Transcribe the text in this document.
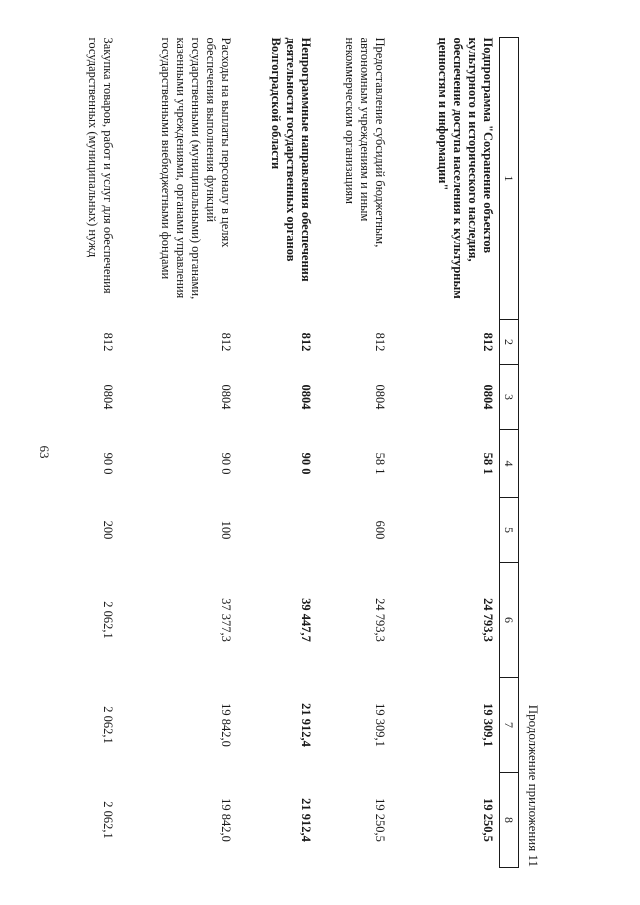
63
Продолжение приложения 11
1	2	3	4	5	6	7	8
Подпрограмма "Сохранение объектов культурного и исторического наследия, обеспечение доступа населения к культурным ценностям и информации"	812	0804	58 1		24 793,3	19 309,1	19 250,5
Предоставление субсидий бюджетным, автономным учреждениям и иным некоммерческим организациям	812	0804	58 1	600	24 793,3	19 309,1	19 250,5
Непрограммные направления обеспечения деятельности государственных органов Волгоградской области	812	0804	90 0		39 447,7	21 912,4	21 912,4
Расходы на выплаты персоналу в целях обеспечения выполнения функций государственными (муниципальными) органами, казенными учреждениями, органами управления государственными внебюджетными фондами	812	0804	90 0	100	37 377,3	19 842,0	19 842,0
Закупка товаров, работ и услуг для обеспечения государственных (муниципальных) нужд	812	0804	90 0	200	2 062,1	2 062,1	2 062,1
